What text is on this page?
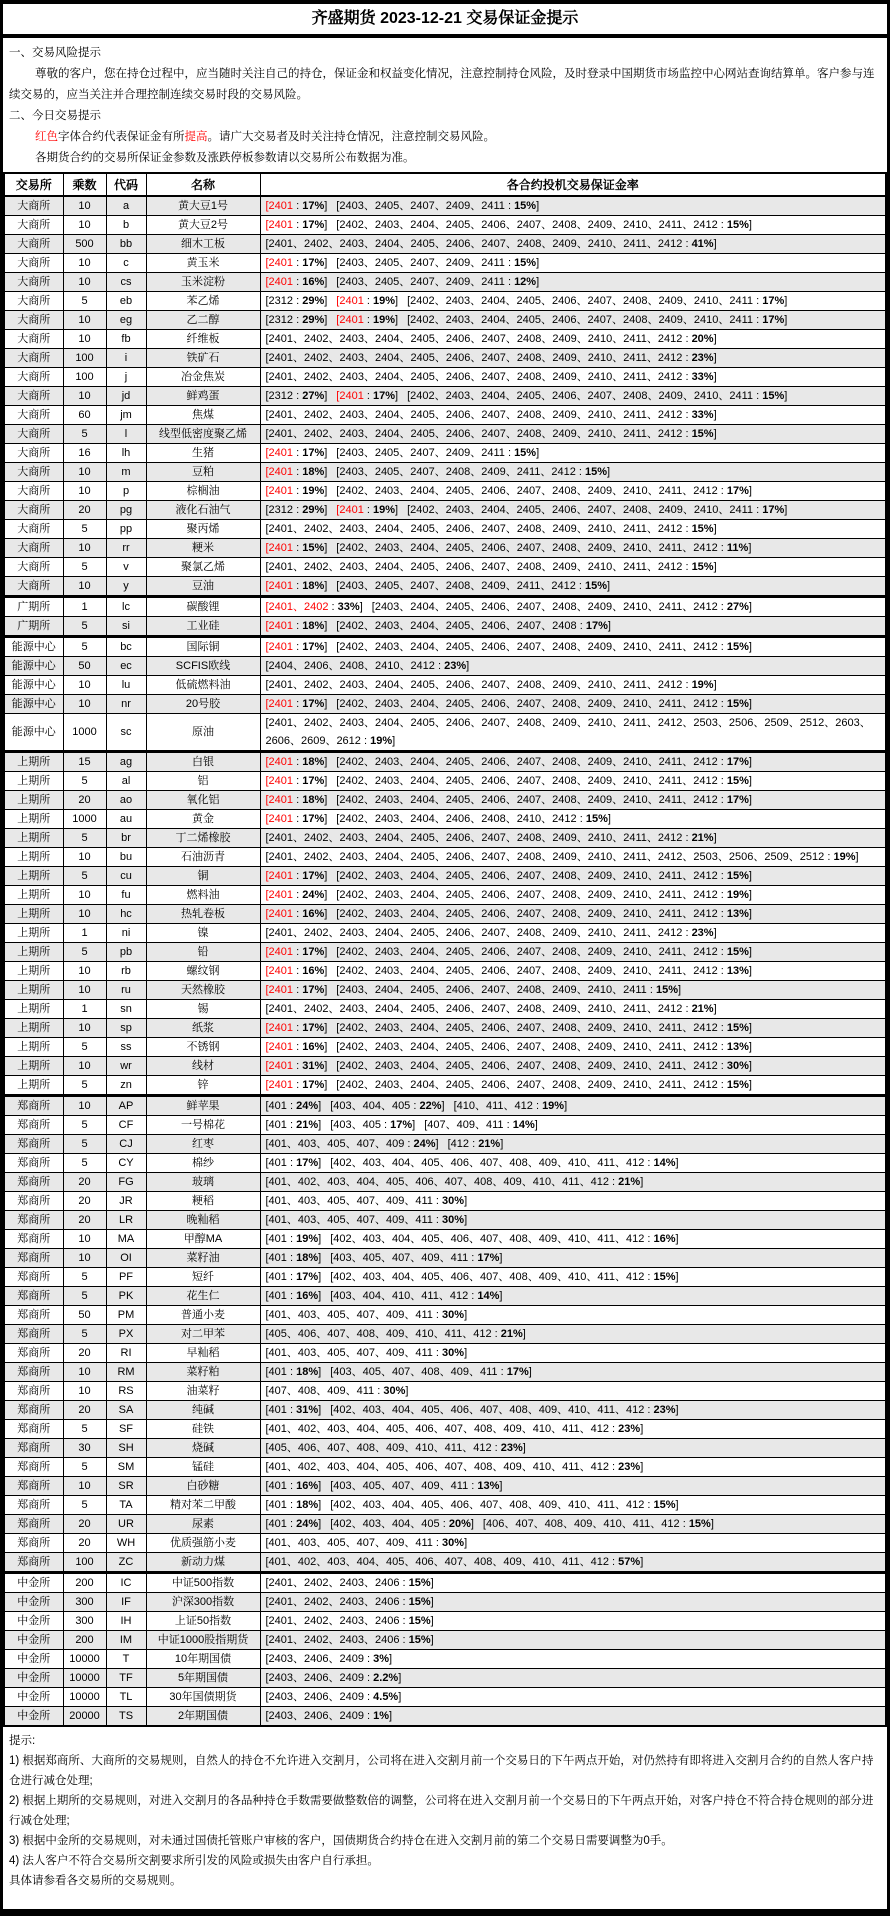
齐盛期货 2023-12-21 交易保证金提示

一、交易风险提示

尊敬的客户，您在持仓过程中，应当随时关注自己的持仓，保证金和权益变化情况，注意控制持仓风险，及时登录中国期货市场监控中心网站查询结算单。客户参与连续交易的，应当关注并合理控制连续交易时段的交易风险。

二、今日交易提示

红色字体合约代表保证金有所提高。请广大交易者及时关注持仓情况，注意控制交易风险。

各期货合约的交易所保证金参数及涨跌停板参数请以交易所公布数据为准。

交易所	乘数	代码	名称	各合约投机交易保证金率
大商所	10	a	黄大豆1号	[2401 : 17%] [2403、2405、2407、2409、2411 : 15%]
大商所	10	b	黄大豆2号	[2401 : 17%] [2402、2403、2404、2405、2406、2407、2408、2409、2410、2411、2412 : 15%]
大商所	500	bb	细木工板	[2401、2402、2403、2404、2405、2406、2407、2408、2409、2410、2411、2412 : 41%]
大商所	10	c	黄玉米	[2401 : 17%] [2403、2405、2407、2409、2411 : 15%]
大商所	10	cs	玉米淀粉	[2401 : 16%] [2403、2405、2407、2409、2411 : 12%]
大商所	5	eb	苯乙烯	[2312 : 29%] [2401 : 19%] [2402、2403、2404、2405、2406、2407、2408、2409、2410、2411 : 17%]
大商所	10	eg	乙二醇	[2312 : 29%] [2401 : 19%] [2402、2403、2404、2405、2406、2407、2408、2409、2410、2411 : 17%]
大商所	10	fb	纤维板	[2401、2402、2403、2404、2405、2406、2407、2408、2409、2410、2411、2412 : 20%]
大商所	100	i	铁矿石	[2401、2402、2403、2404、2405、2406、2407、2408、2409、2410、2411、2412 : 23%]
大商所	100	j	冶金焦炭	[2401、2402、2403、2404、2405、2406、2407、2408、2409、2410、2411、2412 : 33%]
大商所	10	jd	鲜鸡蛋	[2312 : 27%] [2401 : 17%] [2402、2403、2404、2405、2406、2407、2408、2409、2410、2411 : 15%]
大商所	60	jm	焦煤	[2401、2402、2403、2404、2405、2406、2407、2408、2409、2410、2411、2412 : 33%]
大商所	5	l	线型低密度聚乙烯	[2401、2402、2403、2404、2405、2406、2407、2408、2409、2410、2411、2412 : 15%]
大商所	16	lh	生猪	[2401 : 17%] [2403、2405、2407、2409、2411 : 15%]
大商所	10	m	豆粕	[2401 : 18%] [2403、2405、2407、2408、2409、2411、2412 : 15%]
大商所	10	p	棕榈油	[2401 : 19%] [2402、2403、2404、2405、2406、2407、2408、2409、2410、2411、2412 : 17%]
大商所	20	pg	液化石油气	[2312 : 29%] [2401 : 19%] [2402、2403、2404、2405、2406、2407、2408、2409、2410、2411 : 17%]
大商所	5	pp	聚丙烯	[2401、2402、2403、2404、2405、2406、2407、2408、2409、2410、2411、2412 : 15%]
大商所	10	rr	粳米	[2401 : 15%] [2402、2403、2404、2405、2406、2407、2408、2409、2410、2411、2412 : 11%]
大商所	5	v	聚氯乙烯	[2401、2402、2403、2404、2405、2406、2407、2408、2409、2410、2411、2412 : 15%]
大商所	10	y	豆油	[2401 : 18%] [2403、2405、2407、2408、2409、2411、2412 : 15%]
广期所	1	lc	碳酸锂	[2401、2402 : 33%] [2403、2404、2405、2406、2407、2408、2409、2410、2411、2412 : 27%]
广期所	5	si	工业硅	[2401 : 18%] [2402、2403、2404、2405、2406、2407、2408 : 17%]
能源中心	5	bc	国际铜	[2401 : 17%] [2402、2403、2404、2405、2406、2407、2408、2409、2410、2411、2412 : 15%]
能源中心	50	ec	SCFIS欧线	[2404、2406、2408、2410、2412 : 23%]
能源中心	10	lu	低硫燃料油	[2401、2402、2403、2404、2405、2406、2407、2408、2409、2410、2411、2412 : 19%]
能源中心	10	nr	20号胶	[2401 : 17%] [2402、2403、2404、2405、2406、2407、2408、2409、2410、2411、2412 : 15%]
能源中心	1000	sc	原油	[2401、2402、2403、2404、2405、2406、2407、2408、2409、2410、2411、2412、2503、2506、2509、2512、2603、2606、2609、2612 : 19%]
上期所	15	ag	白银	[2401 : 18%] [2402、2403、2404、2405、2406、2407、2408、2409、2410、2411、2412 : 17%]
上期所	5	al	铝	[2401 : 17%] [2402、2403、2404、2405、2406、2407、2408、2409、2410、2411、2412 : 15%]
上期所	20	ao	氧化铝	[2401 : 18%] [2402、2403、2404、2405、2406、2407、2408、2409、2410、2411、2412 : 17%]
上期所	1000	au	黄金	[2401 : 17%] [2402、2403、2404、2406、2408、2410、2412 : 15%]
上期所	5	br	丁二烯橡胶	[2401、2402、2403、2404、2405、2406、2407、2408、2409、2410、2411、2412 : 21%]
上期所	10	bu	石油沥青	[2401、2402、2403、2404、2405、2406、2407、2408、2409、2410、2411、2412、2503、2506、2509、2512 : 19%]
上期所	5	cu	铜	[2401 : 17%] [2402、2403、2404、2405、2406、2407、2408、2409、2410、2411、2412 : 15%]
上期所	10	fu	燃料油	[2401 : 24%] [2402、2403、2404、2405、2406、2407、2408、2409、2410、2411、2412 : 19%]
上期所	10	hc	热轧卷板	[2401 : 16%] [2402、2403、2404、2405、2406、2407、2408、2409、2410、2411、2412 : 13%]
上期所	1	ni	镍	[2401、2402、2403、2404、2405、2406、2407、2408、2409、2410、2411、2412 : 23%]
上期所	5	pb	铅	[2401 : 17%] [2402、2403、2404、2405、2406、2407、2408、2409、2410、2411、2412 : 15%]
上期所	10	rb	螺纹钢	[2401 : 16%] [2402、2403、2404、2405、2406、2407、2408、2409、2410、2411、2412 : 13%]
上期所	10	ru	天然橡胶	[2401 : 17%] [2403、2404、2405、2406、2407、2408、2409、2410、2411 : 15%]
上期所	1	sn	锡	[2401、2402、2403、2404、2405、2406、2407、2408、2409、2410、2411、2412 : 21%]
上期所	10	sp	纸浆	[2401 : 17%] [2402、2403、2404、2405、2406、2407、2408、2409、2410、2411、2412 : 15%]
上期所	5	ss	不锈钢	[2401 : 16%] [2402、2403、2404、2405、2406、2407、2408、2409、2410、2411、2412 : 13%]
上期所	10	wr	线材	[2401 : 31%] [2402、2403、2404、2405、2406、2407、2408、2409、2410、2411、2412 : 30%]
上期所	5	zn	锌	[2401 : 17%] [2402、2403、2404、2405、2406、2407、2408、2409、2410、2411、2412 : 15%]
郑商所	10	AP	鲜苹果	[401 : 24%] [403、404、405 : 22%] [410、411、412 : 19%]
郑商所	5	CF	一号棉花	[401 : 21%] [403、405 : 17%] [407、409、411 : 14%]
郑商所	5	CJ	红枣	[401、403、405、407、409 : 24%] [412 : 21%]
郑商所	5	CY	棉纱	[401 : 17%] [402、403、404、405、406、407、408、409、410、411、412 : 14%]
郑商所	20	FG	玻璃	[401、402、403、404、405、406、407、408、409、410、411、412 : 21%]
郑商所	20	JR	粳稻	[401、403、405、407、409、411 : 30%]
郑商所	20	LR	晚籼稻	[401、403、405、407、409、411 : 30%]
郑商所	10	MA	甲醇MA	[401 : 19%] [402、403、404、405、406、407、408、409、410、411、412 : 16%]
郑商所	10	OI	菜籽油	[401 : 18%] [403、405、407、409、411 : 17%]
郑商所	5	PF	短纤	[401 : 17%] [402、403、404、405、406、407、408、409、410、411、412 : 15%]
郑商所	5	PK	花生仁	[401 : 16%] [403、404、410、411、412 : 14%]
郑商所	50	PM	普通小麦	[401、403、405、407、409、411 : 30%]
郑商所	5	PX	对二甲苯	[405、406、407、408、409、410、411、412 : 21%]
郑商所	20	RI	早籼稻	[401、403、405、407、409、411 : 30%]
郑商所	10	RM	菜籽粕	[401 : 18%] [403、405、407、408、409、411 : 17%]
郑商所	10	RS	油菜籽	[407、408、409、411 : 30%]
郑商所	20	SA	纯碱	[401 : 31%] [402、403、404、405、406、407、408、409、410、411、412 : 23%]
郑商所	5	SF	硅铁	[401、402、403、404、405、406、407、408、409、410、411、412 : 23%]
郑商所	30	SH	烧碱	[405、406、407、408、409、410、411、412 : 23%]
郑商所	5	SM	锰硅	[401、402、403、404、405、406、407、408、409、410、411、412 : 23%]
郑商所	10	SR	白砂糖	[401 : 16%] [403、405、407、409、411 : 13%]
郑商所	5	TA	精对苯二甲酸	[401 : 18%] [402、403、404、405、406、407、408、409、410、411、412 : 15%]
郑商所	20	UR	尿素	[401 : 24%] [402、403、404、405 : 20%] [406、407、408、409、410、411、412 : 15%]
郑商所	20	WH	优质强筋小麦	[401、403、405、407、409、411 : 30%]
郑商所	100	ZC	新动力煤	[401、402、403、404、405、406、407、408、409、410、411、412 : 57%]
中金所	200	IC	中证500指数	[2401、2402、2403、2406 : 15%]
中金所	300	IF	沪深300指数	[2401、2402、2403、2406 : 15%]
中金所	300	IH	上证50指数	[2401、2402、2403、2406 : 15%]
中金所	200	IM	中证1000股指期货	[2401、2402、2403、2406 : 15%]
中金所	10000	T	10年期国债	[2403、2406、2409 : 3%]
中金所	10000	TF	5年期国债	[2403、2406、2409 : 2.2%]
中金所	10000	TL	30年国债期货	[2403、2406、2409 : 4.5%]
中金所	20000	TS	2年期国债	[2403、2406、2409 : 1%]

提示:

1) 根据郑商所、大商所的交易规则，自然人的持仓不允许进入交割月，公司将在进入交割月前一个交易日的下午两点开始，对仍然持有即将进入交割月合约的自然人客户持仓进行减仓处理;

2) 根据上期所的交易规则，对进入交割月的各品种持仓手数需要做整数倍的调整，公司将在进入交割月前一个交易日的下午两点开始，对客户持仓不符合持仓规则的部分进行减仓处理;

3) 根据中金所的交易规则，对未通过国债托管账户审核的客户，国债期货合约持仓在进入交割月前的第二个交易日需要调整为0手。

4) 法人客户不符合交易所交割要求所引发的风险或损失由客户自行承担。

具体请参看各交易所的交易规则。
